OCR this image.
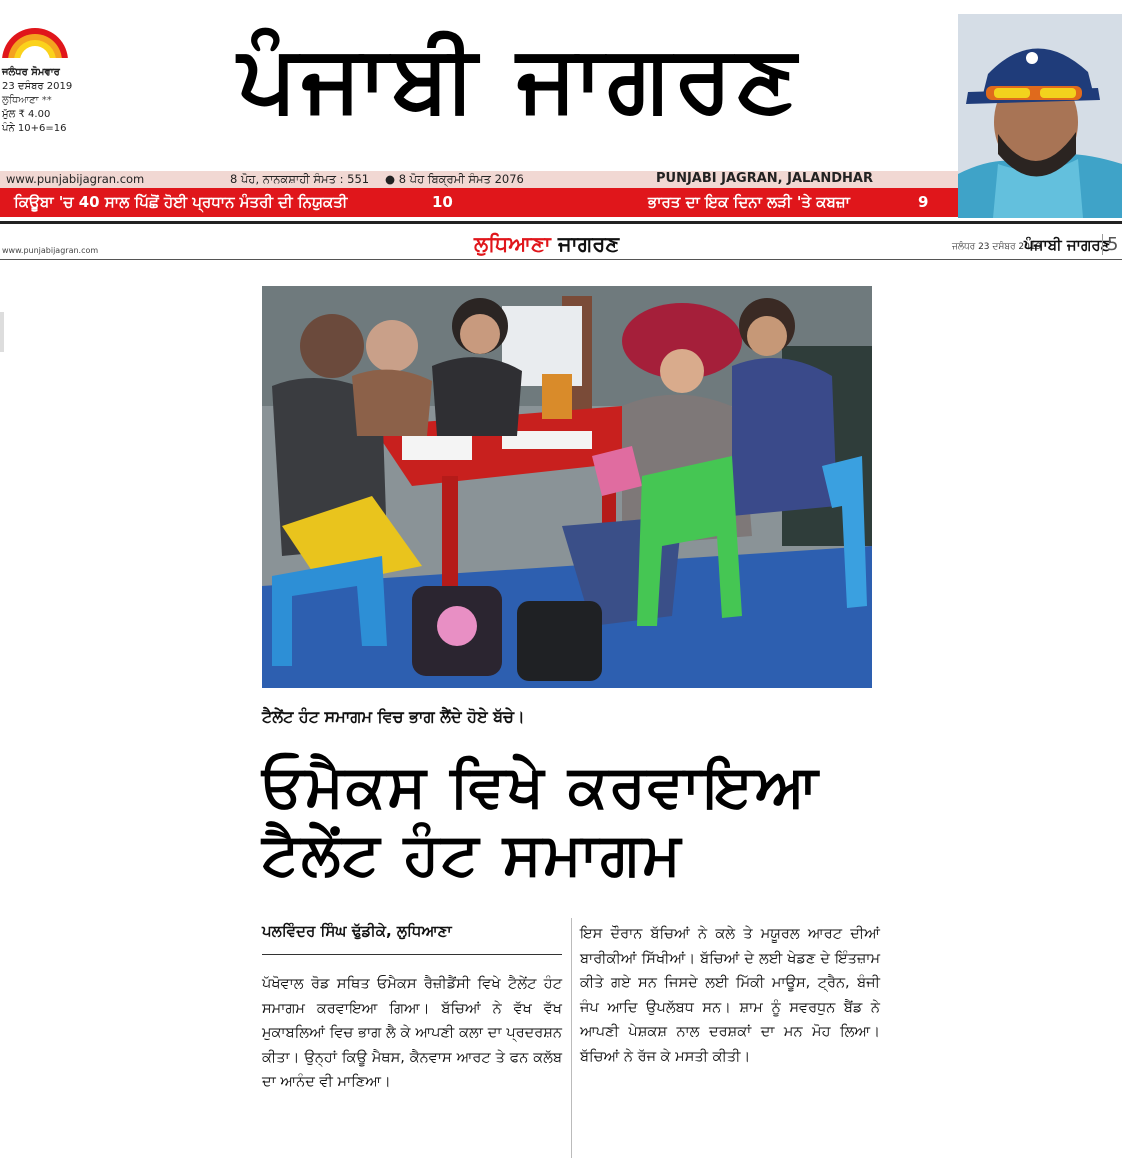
ਜਲੰਧਰ ਸੋਮਵਾਰ
23 ਦਸੰਬਰ 2019
ਲੁਧਿਆਣਾ **
ਮੁੱਲ ₹ 4.00
ਪੰਨੇ 10+6=16	ਪੰਜਾਬੀ ਜਾਗਰਣ
www.punjabijagran.com	8 ਪੋਹ, ਨਾਨਕਸ਼ਾਹੀ ਸੰਮਤ : 551 ● 8 ਪੋਹ ਬਿਕ੍ਰਮੀ ਸੰਮਤ 2076	PUNJABI JAGRAN, JALANDHAR
ਕਿਊਬਾ 'ਚ 40 ਸਾਲ ਪਿੱਛੋਂ ਹੋਈ ਪ੍ਰਧਾਨ ਮੰਤਰੀ ਦੀ ਨਿਯੁਕਤੀ	10	ਭਾਰਤ ਦਾ ਇਕ ਦਿਨਾ ਲੜੀ 'ਤੇ ਕਬਜ਼ਾ	9
www.punjabijagran.com	ਲੁਧਿਆਣਾ ਜਾਗਰਣ	ਜਲੰਧਰ 23 ਦਸੰਬਰ 2019
ਪੰਜਾਬੀ ਜਾਗਰਣ
5
ਟੈਲੇਂਟ ਹੰਟ ਸਮਾਗਮ ਵਿਚ ਭਾਗ ਲੈਂਦੇ ਹੋਏ ਬੱਚੇ।
ਓਮੈਕਸ ਵਿਖੇ ਕਰਵਾਇਆ
ਟੈਲੇਂਟ ਹੰਟ ਸਮਾਗਮ
ਪਲਵਿੰਦਰ ਸਿੰਘ ਢੁੱਡੀਕੇ, ਲੁਧਿਆਣਾ
ਪੱਖੋਵਾਲ ਰੋਡ ਸਥਿਤ ਓਮੈਕਸ ਰੈਜ਼ੀਡੈਂਸੀ ਵਿਖੇ ਟੈਲੇਂਟ ਹੰਟ ਸਮਾਗਮ ਕਰਵਾਇਆ ਗਿਆ। ਬੱਚਿਆਂ ਨੇ ਵੱਖ ਵੱਖ ਮੁਕਾਬਲਿਆਂ ਵਿਚ ਭਾਗ ਲੈ ਕੇ ਆਪਣੀ ਕਲਾ ਦਾ ਪ੍ਰਦਰਸ਼ਨ ਕੀਤਾ। ਉਨ੍ਹਾਂ ਕਿਊ ਮੈਥਸ, ਕੈਨਵਾਸ ਆਰਟ ਤੇ ਫਨ ਕਲੱਬ ਦਾ ਆਨੰਦ ਵੀ ਮਾਣਿਆ।
ਇਸ ਦੌਰਾਨ ਬੱਚਿਆਂ ਨੇ ਕਲੇ ਤੇ ਮਯੂਰਲ ਆਰਟ ਦੀਆਂ ਬਾਰੀਕੀਆਂ ਸਿੱਖੀਆਂ। ਬੱਚਿਆਂ ਦੇ ਲਈ ਖੇਡਣ ਦੇ ਇੰਤਜ਼ਾਮ ਕੀਤੇ ਗਏ ਸਨ ਜਿਸਦੇ ਲਈ ਮਿੱਕੀ ਮਾਊਸ, ਟ੍ਰੈਨ, ਬੰਜੀ ਜੰਪ ਆਦਿ ਉਪਲੱਬਧ ਸਨ। ਸ਼ਾਮ ਨੂੰ ਸਵਰਧੁਨ ਬੈਂਡ ਨੇ ਆਪਣੀ ਪੇਸ਼ਕਸ਼ ਨਾਲ ਦਰਸ਼ਕਾਂ ਦਾ ਮਨ ਮੋਹ ਲਿਆ। ਬੱਚਿਆਂ ਨੇ ਰੱਜ ਕੇ ਮਸਤੀ ਕੀਤੀ।
